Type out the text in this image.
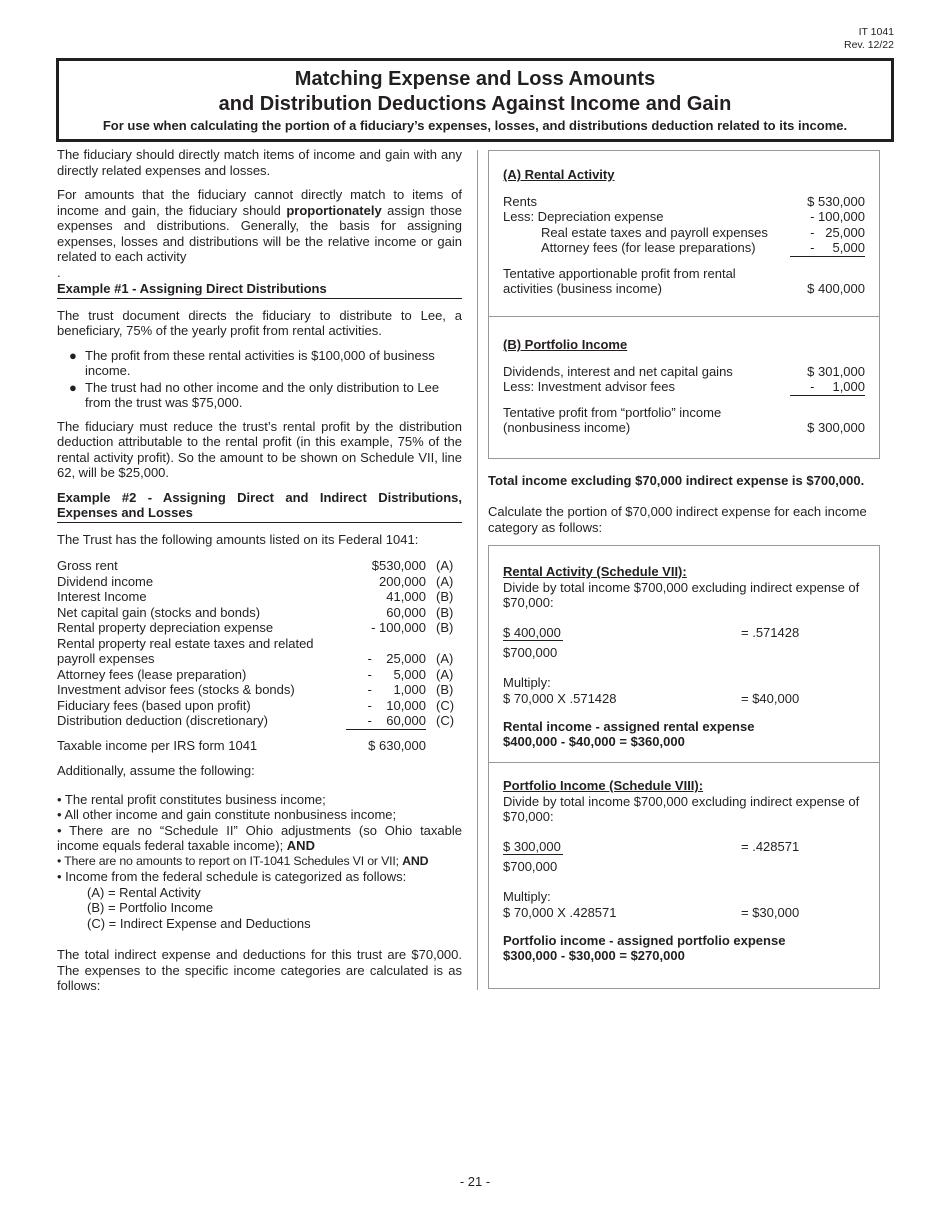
IT 1041
Rev. 12/22
Matching Expense and Loss Amounts
and Distribution Deductions Against Income and Gain
For use when calculating the portion of a fiduciary’s expenses, losses, and distributions deduction related to its income.

The fiduciary should directly match items of income and gain with any directly related expenses and losses.

For amounts that the fiduciary cannot directly match to items of income and gain, the fiduciary should proportionately assign those expenses and distributions. Generally, the basis for assigning expenses, losses and distributions will be the relative income or gain related to each activity

.
Example #1 - Assigning Direct Distributions

The trust document directs the fiduciary to distribute to Lee, a beneficiary, 75% of the yearly profit from rental activities.

● The profit from these rental activities is $100,000 of business income.
● The trust had no other income and the only distribution to Lee from the trust was $75,000.

The fiduciary must reduce the trust’s rental profit by the distribution deduction attributable to the rental profit (in this example, 75% of the rental activity profit). So the amount to be shown on Schedule VII, line 62, will be $25,000.

Example #2 - Assigning Direct and Indirect Distributions, Expenses and Losses

The Trust has the following amounts listed on its Federal 1041:

Gross rent	$530,000	(A)
Dividend income	200,000	(A)
Interest Income	41,000	(B)
Net capital gain (stocks and bonds)	60,000	(B)
Rental property depreciation expense	- 100,000	(B)
Rental property real estate taxes and related		
payroll expenses	-    25,000	(A)
Attorney fees (lease preparation)	-      5,000	(A)
Investment advisor fees (stocks & bonds)	-      1,000	(B)
Fiduciary fees (based upon profit)	-    10,000	(C)
Distribution deduction (discretionary)	-    60,000	(C)
Taxable income per IRS form 1041	$ 630,000	

Additionally, assume the following:

• The rental profit constitutes business income;
• All other income and gain constitute nonbusiness income;
• There are no “Schedule II” Ohio adjustments (so Ohio taxable income equals federal taxable income); AND
• There are no amounts to report on IT-1041 Schedules VI or VII; AND
• Income from the federal schedule is categorized as follows:
(A) = Rental Activity
(B) = Portfolio Income
(C) = Indirect Expense and Deductions

The total indirect expense and deductions for this trust are $70,000. The expenses to the specific income categories are calculated is as follows:

(A) Rental Activity
Rents	$ 530,000
Less: Depreciation expense	- 100,000
Real estate taxes and payroll expenses	-   25,000
Attorney fees (for lease preparations)	-     5,000
Tentative apportionable profit from rental
activities (business income)	$ 400,000
(B) Portfolio Income
Dividends, interest and net capital gains	$ 301,000
Less: Investment advisor fees	-     1,000
Tentative profit from “portfolio” income
(nonbusiness income)	$ 300,000
Total income excluding $70,000 indirect expense is $700,000.
Calculate the portion of $70,000 indirect expense for each income category as follows:
Rental Activity (Schedule VII):
Divide by total income $700,000 excluding indirect expense of $70,000:
$ 400,000	= .571428
$700,000
Multiply:
$ 70,000 X .571428	= $40,000
Rental income - assigned rental expense
$400,000 - $40,000 = $360,000
Portfolio Income (Schedule VIII):
Divide by total income $700,000 excluding indirect expense of $70,000:
$ 300,000	= .428571
$700,000
Multiply:
$ 70,000 X .428571	= $30,000
Portfolio income - assigned portfolio expense
$300,000 - $30,000 = $270,000
- 21 -
